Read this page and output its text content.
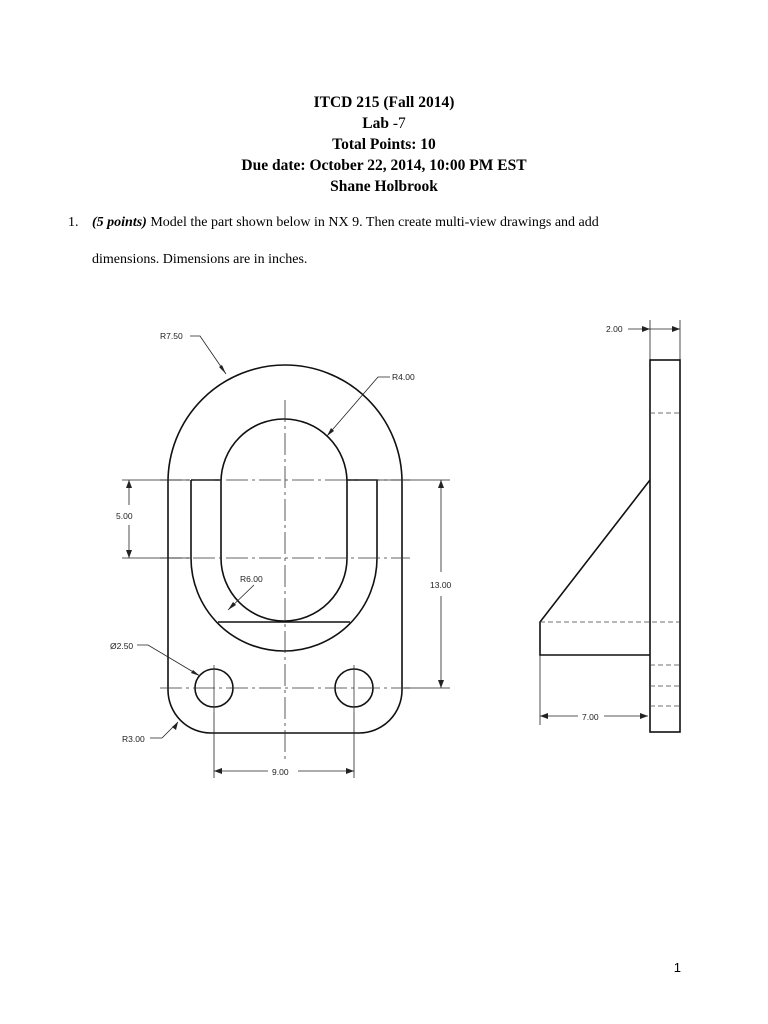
ITCD 215 (Fall 2014)
Lab -7
Total Points: 10
Due date: October 22, 2014, 10:00 PM EST
Shane Holbrook
1. (5 points) Model the part shown below in NX 9. Then create multi-view drawings and add
dimensions. Dimensions are in inches.
R7.50
R4.00
5.00
R6.00
13.00
Ø2.50
R3.00
9.00
2.00
7.00
1
